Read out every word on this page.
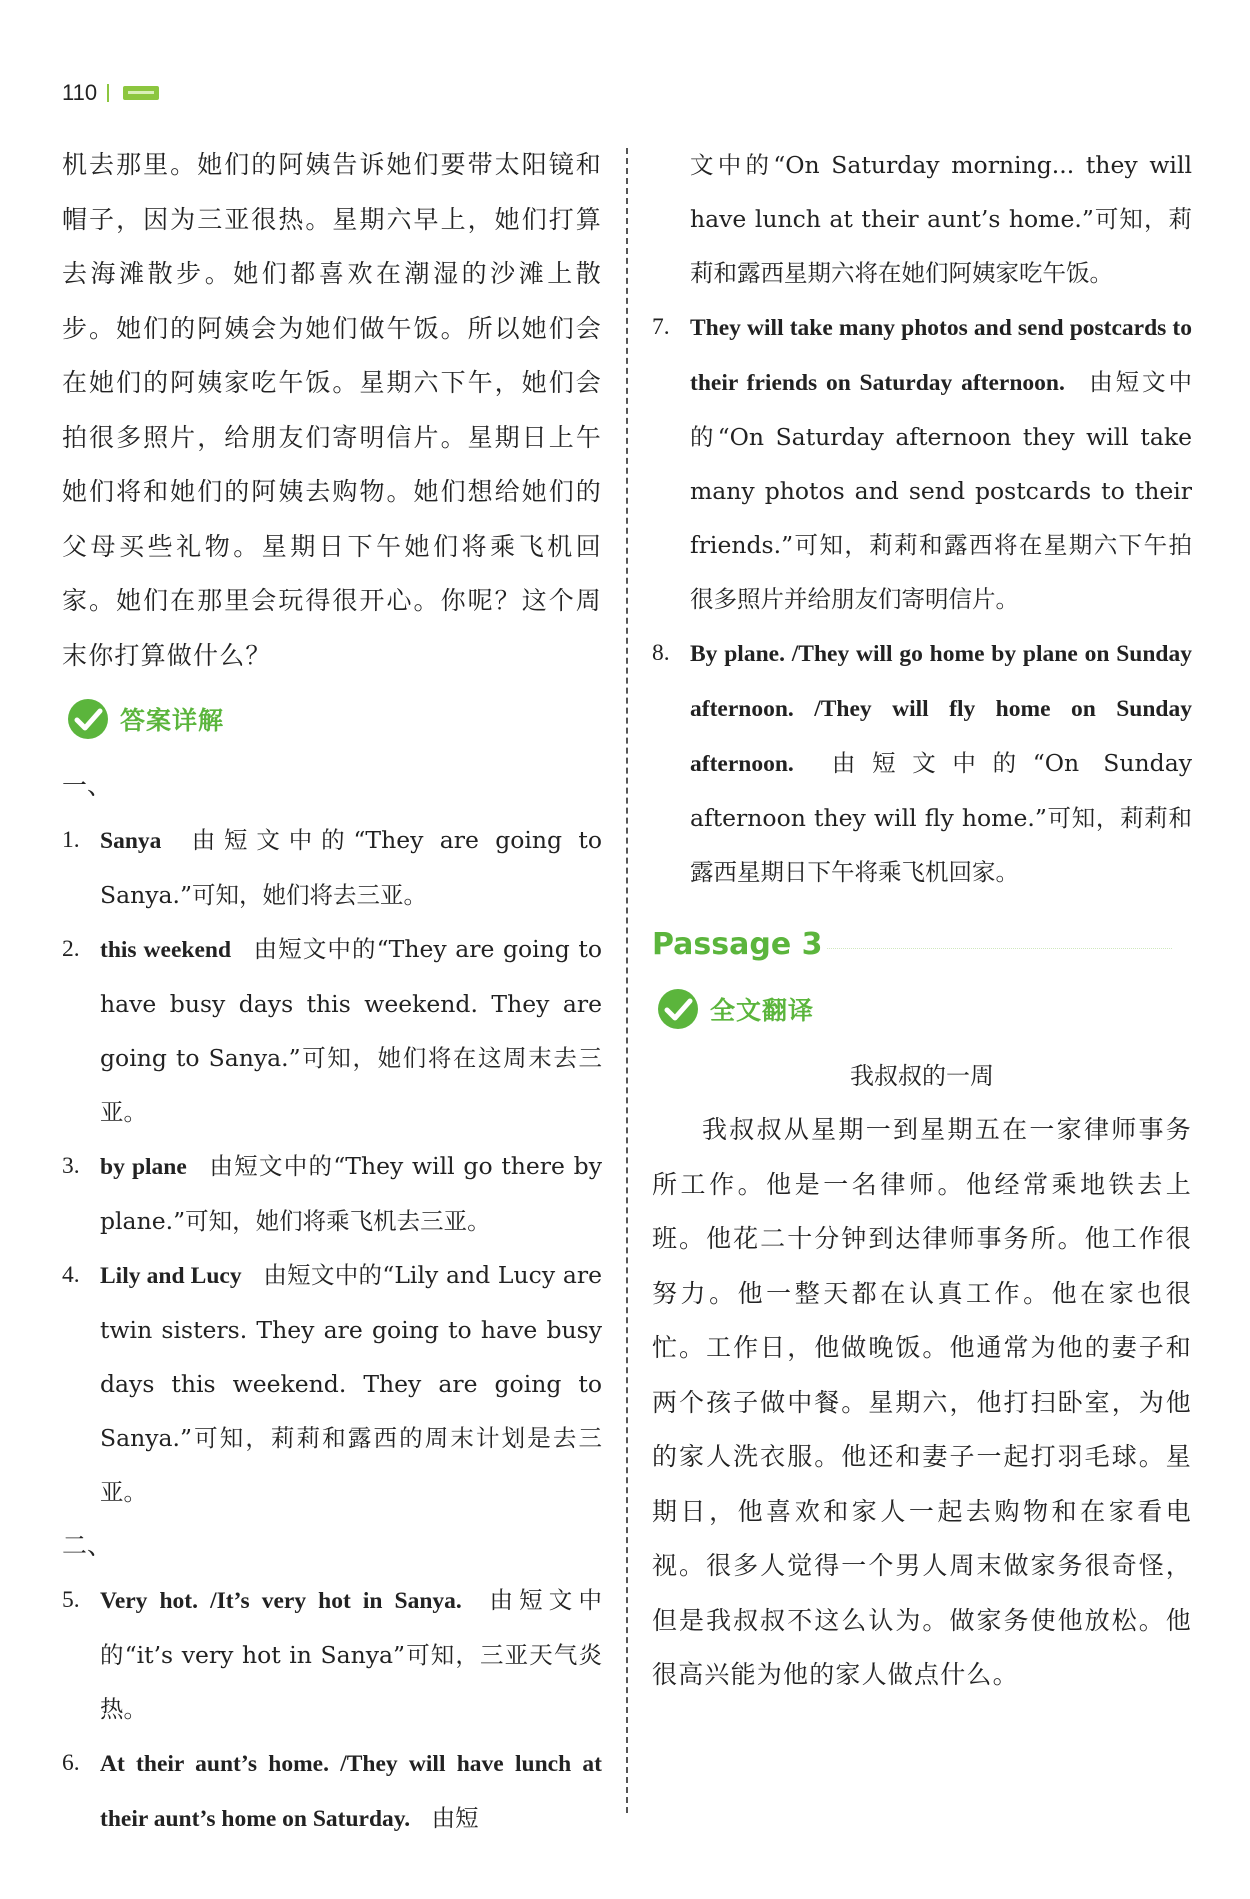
110

机去那里。她们的阿姨告诉她们要带太阳镜和帽子，因为三亚很热。星期六早上，她们打算去海滩散步。她们都喜欢在潮湿的沙滩上散步。她们的阿姨会为她们做午饭。所以她们会在她们的阿姨家吃午饭。星期六下午，她们会拍很多照片，给朋友们寄明信片。星期日上午她们将和她们的阿姨去购物。她们想给她们的父母买些礼物。星期日下午她们将乘飞机回家。她们在那里会玩得很开心。你呢？这个周末你打算做什么？

答案详解

一、

1. Sanya 由短文中的“They are going to Sanya.”可知，她们将去三亚。

2. this weekend 由短文中的“They are going to have busy days this weekend. They are going to Sanya.”可知，她们将在这周末去三亚。

3. by plane 由短文中的“They will go there by plane.”可知，她们将乘飞机去三亚。

4. Lily and Lucy 由短文中的“Lily and Lucy are twin sisters. They are going to have busy days this weekend. They are going to Sanya.”可知，莉莉和露西的周末计划是去三亚。

二、

5. Very hot. /It’s very hot in Sanya. 由短文中的“it’s very hot in Sanya”可知，三亚天气炎热。

6. At their aunt’s home. /They will have lunch at their aunt’s home on Saturday. 由短

文中的“On Saturday morning... they will have lunch at their aunt’s home.”可知，莉莉和露西星期六将在她们阿姨家吃午饭。

7. They will take many photos and send postcards to their friends on Saturday afternoon. 由短文中的“On Saturday afternoon they will take many photos and send postcards to their friends.”可知，莉莉和露西将在星期六下午拍很多照片并给朋友们寄明信片。

8. By plane. /They will go home by plane on Sunday afternoon. /They will fly home on Sunday afternoon. 由短文中的“On Sunday afternoon they will fly home.”可知，莉莉和露西星期日下午将乘飞机回家。

Passage 3
全文翻译

我叔叔的一周

我叔叔从星期一到星期五在一家律师事务所工作。他是一名律师。他经常乘地铁去上班。他花二十分钟到达律师事务所。他工作很努力。他一整天都在认真工作。他在家也很忙。工作日，他做晚饭。他通常为他的妻子和两个孩子做中餐。星期六，他打扫卧室，为他的家人洗衣服。他还和妻子一起打羽毛球。星期日，他喜欢和家人一起去购物和在家看电视。很多人觉得一个男人周末做家务很奇怪，但是我叔叔不这么认为。做家务使他放松。他很高兴能为他的家人做点什么。
